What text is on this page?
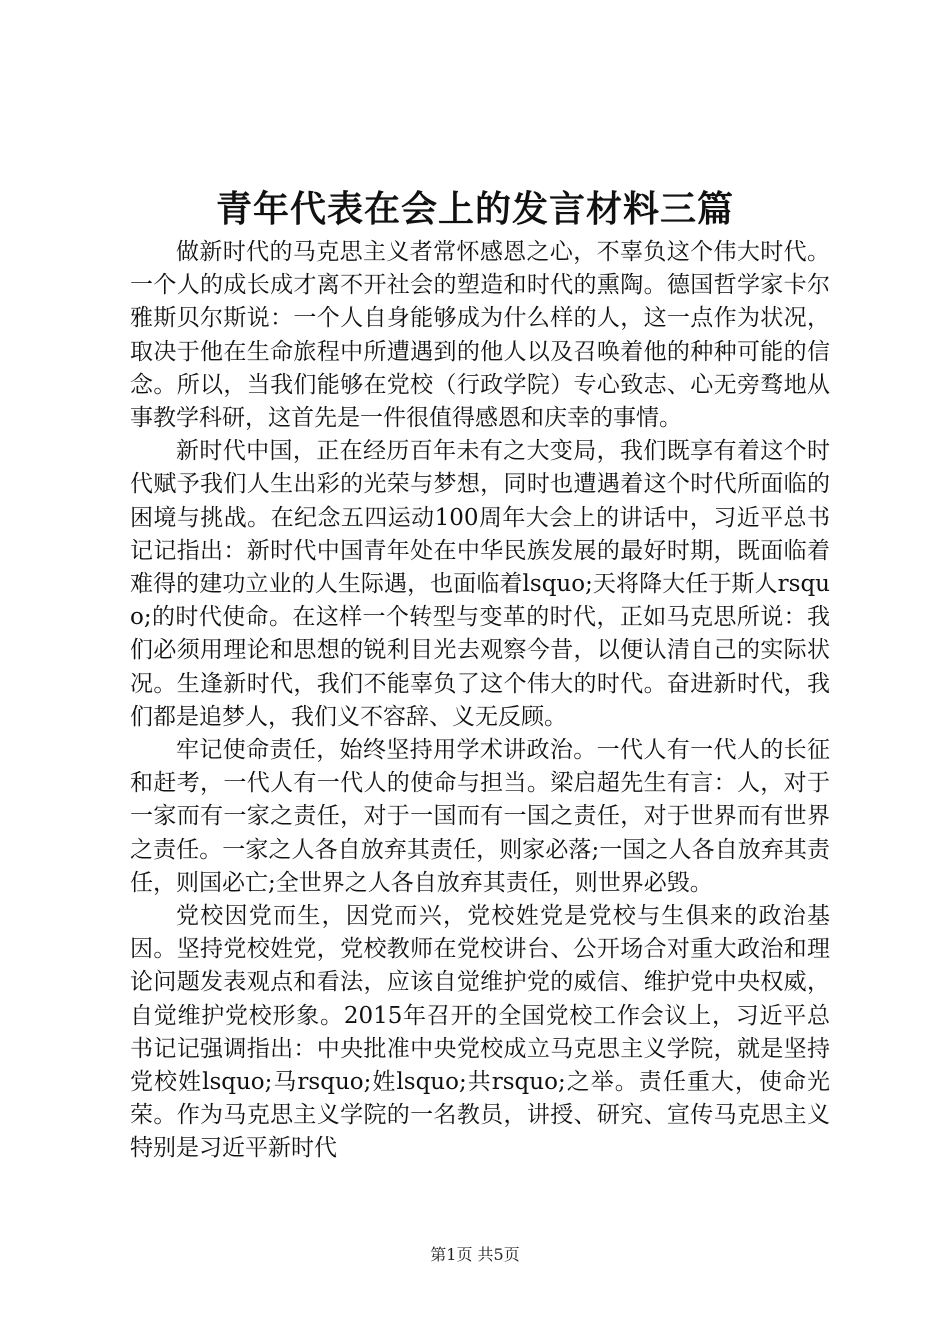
青年代表在会上的发言材料三篇

做新时代的马克思主义者常怀感恩之心，不辜负这个伟大时代。一个人的成长成才离不开社会的塑造和时代的熏陶。德国哲学家卡尔雅斯贝尔斯说：一个人自身能够成为什么样的人，这一点作为状况，取决于他在生命旅程中所遭遇到的他人以及召唤着他的种种可能的信念。所以，当我们能够在党校（行政学院）专心致志、心无旁骛地从事教学科研，这首先是一件很值得感恩和庆幸的事情。

新时代中国，正在经历百年未有之大变局，我们既享有着这个时代赋予我们人生出彩的光荣与梦想，同时也遭遇着这个时代所面临的困境与挑战。在纪念五四运动100周年大会上的讲话中，习近平总书记记指出：新时代中国青年处在中华民族发展的最好时期，既面临着难得的建功立业的人生际遇，也面临着lsquo;天将降大任于斯人rsquo;的时代使命。在这样一个转型与变革的时代，正如马克思所说：我们必须用理论和思想的锐利目光去观察今昔，以便认清自己的实际状况。生逢新时代，我们不能辜负了这个伟大的时代。奋进新时代，我们都是追梦人，我们义不容辞、义无反顾。

牢记使命责任，始终坚持用学术讲政治。一代人有一代人的长征和赶考，一代人有一代人的使命与担当。梁启超先生有言：人，对于一家而有一家之责任，对于一国而有一国之责任，对于世界而有世界之责任。一家之人各自放弃其责任，则家必落;一国之人各自放弃其责任，则国必亡;全世界之人各自放弃其责任，则世界必毁。

党校因党而生，因党而兴，党校姓党是党校与生俱来的政治基因。坚持党校姓党，党校教师在党校讲台、公开场合对重大政治和理论问题发表观点和看法，应该自觉维护党的威信、维护党中央权威，自觉维护党校形象。2015年召开的全国党校工作会议上，习近平总书记记强调指出：中央批准中央党校成立马克思主义学院，就是坚持党校姓lsquo;马rsquo;姓lsquo;共rsquo;之举。责任重大，使命光荣。作为马克思主义学院的一名教员，讲授、研究、宣传马克思主义特别是习近平新时代

第1页 共5页
